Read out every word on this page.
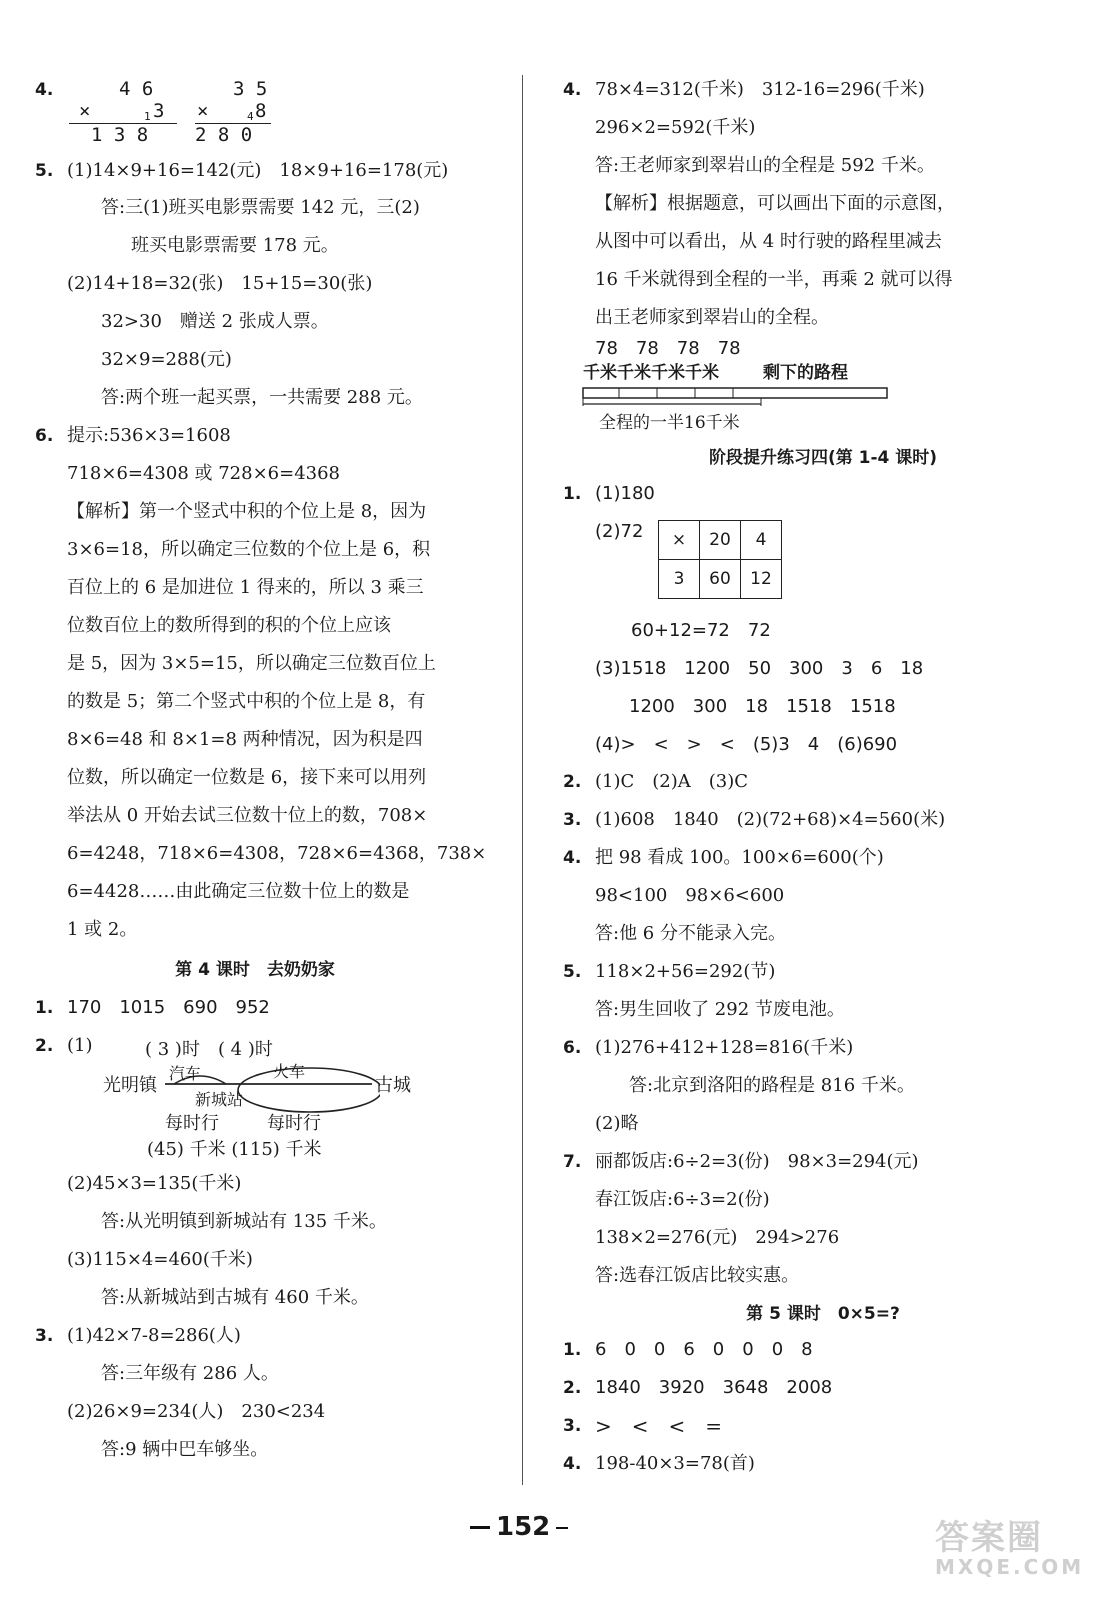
4.	4 6
×	1 3
1 3 8
3 5
×	4 8
2 8 0
5. (1)14×9+16=142(元)　18×9+16=178(元)
答:三(1)班买电影票需要 142 元，三(2)
班买电影票需要 178 元。
(2)14+18=32(张)　15+15=30(张)
32>30　赠送 2 张成人票。
32×9=288(元)
答:两个班一起买票，一共需要 288 元。
6. 提示:536×3=1608
718×6=4308 或 728×6=4368
【解析】第一个竖式中积的个位上是 8，因为
3×6=18，所以确定三位数的个位上是 6，积
百位上的 6 是加进位 1 得来的，所以 3 乘三
位数百位上的数所得到的积的个位上应该
是 5，因为 3×5=15，所以确定三位数百位上
的数是 5；第二个竖式中积的个位上是 8，有
8×6=48 和 8×1=8 两种情况，因为积是四
位数，所以确定一位数是 6，接下来可以用列
举法从 0 开始去试三位数十位上的数，708×
6=4248，718×6=4308，728×6=4368，738×
6=4428……由此确定三位数十位上的数是
1 或 2。
第 4 课时　去奶奶家
1. 170　1015　690　952
2. (1)	( 3 )时　( 4 )时
光明镇	古城
汽车	火车
新城站
每时行	每时行
(45) 千米 (115) 千米
(2)45×3=135(千米)
答:从光明镇到新城站有 135 千米。
(3)115×4=460(千米)
答:从新城站到古城有 460 千米。
3. (1)42×7-8=286(人)
答:三年级有 286 人。
(2)26×9=234(人)　230<234
答:9 辆中巴车够坐。
4. 78×4=312(千米)　312-16=296(千米)
296×2=592(千米)
答:王老师家到翠岩山的全程是 592 千米。
【解析】根据题意，可以画出下面的示意图，
从图中可以看出，从 4 时行驶的路程里减去
16 千米就得到全程的一半，再乘 2 就可以得
出王老师家到翠岩山的全程。
78　78　78　78
千米千米千米千米	剩下的路程
全程的一半16千米
阶段提升练习四(第 1-4 课时)
1. (1)180
(2)72 ×	20	4
3	60	12
60+12=72　72
(3)1518　1200　50　300　3　6　18
1200　300　18　1518　1518
(4)>　<　>　<　(5)3　4　(6)690
2. (1)C　(2)A　(3)C
3. (1)608　1840　(2)(72+68)×4=560(米)
4. 把 98 看成 100。100×6=600(个)
98<100　98×6<600
答:他 6 分不能录入完。
5. 118×2+56=292(节)
答:男生回收了 292 节废电池。
6. (1)276+412+128=816(千米)
答:北京到洛阳的路程是 816 千米。
(2)略
7. 丽都饭店:6÷2=3(份)　98×3=294(元)
春江饭店:6÷3=2(份)
138×2=276(元)　294>276
答:选春江饭店比较实惠。
第 5 课时　0×5=?
1. 6　0　0　6　0　0　0　8
2. 1840　3920　3648　2008
3. >　<　<　=
4. 198-40×3=78(首)
152	答案圈
MXQE.COM
